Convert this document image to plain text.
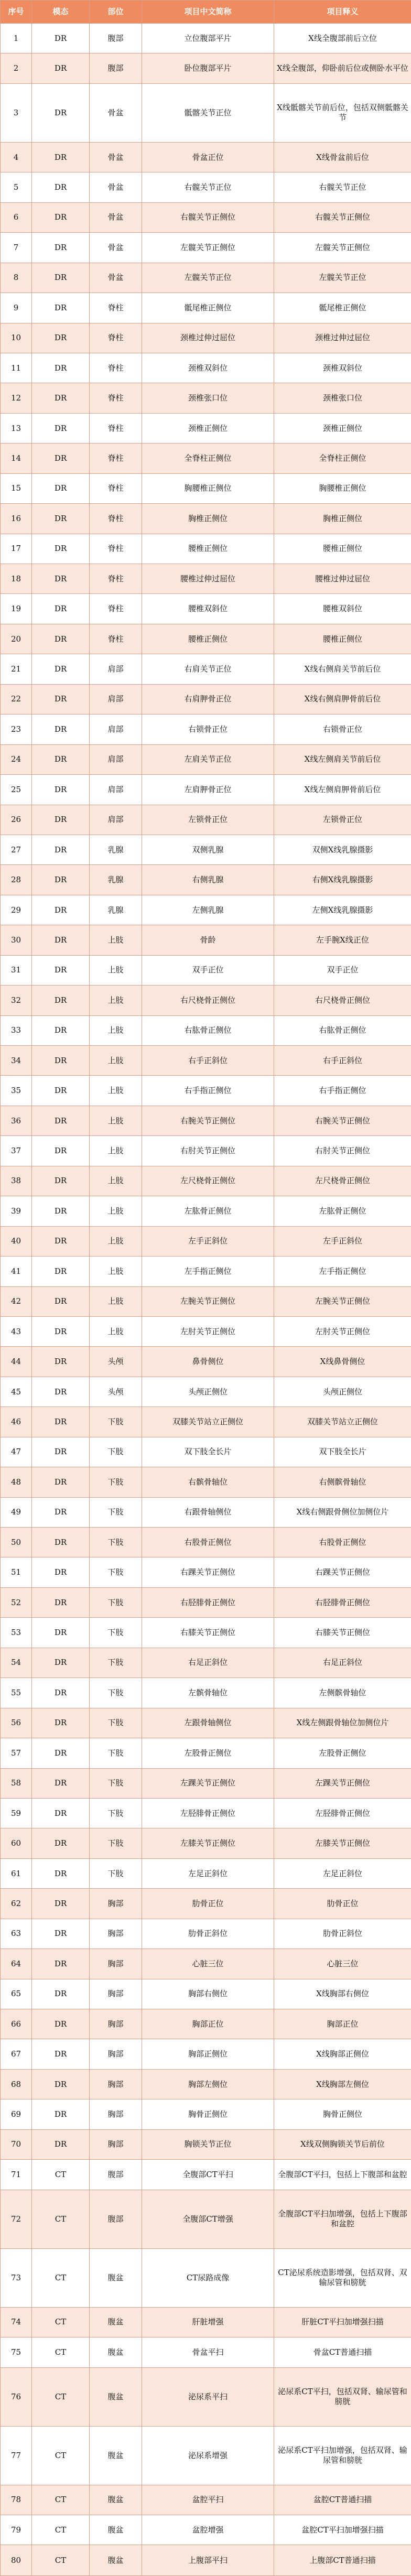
序号	模态	部位	项目中文简称	项目释义
1	DR	腹部	立位腹部平片	X线全腹部前后立位
2	DR	腹部	卧位腹部平片	X线全腹部，仰卧前后位或侧卧水平位
3	DR	骨盆	骶髂关节正位	X线骶髂关节前后位，包括双侧骶髂关节
4	DR	骨盆	骨盆正位	X线骨盆前后位
5	DR	骨盆	右髋关节正位	右髋关节正位
6	DR	骨盆	右髋关节正侧位	右髋关节正侧位
7	DR	骨盆	左髋关节正侧位	左髋关节正侧位
8	DR	骨盆	左髋关节正位	左髋关节正位
9	DR	脊柱	骶尾椎正侧位	骶尾椎正侧位
10	DR	脊柱	颈椎过伸过屈位	颈椎过伸过屈位
11	DR	脊柱	颈椎双斜位	颈椎双斜位
12	DR	脊柱	颈椎张口位	颈椎张口位
13	DR	脊柱	颈椎正侧位	颈椎正侧位
14	DR	脊柱	全脊柱正侧位	全脊柱正侧位
15	DR	脊柱	胸腰椎正侧位	胸腰椎正侧位
16	DR	脊柱	胸椎正侧位	胸椎正侧位
17	DR	脊柱	腰椎正侧位	腰椎正侧位
18	DR	脊柱	腰椎过伸过屈位	腰椎过伸过屈位
19	DR	脊柱	腰椎双斜位	腰椎双斜位
20	DR	脊柱	腰椎正侧位	腰椎正侧位
21	DR	肩部	右肩关节正位	X线右侧肩关节前后位
22	DR	肩部	右肩胛骨正位	X线右侧肩胛骨前后位
23	DR	肩部	右锁骨正位	右锁骨正位
24	DR	肩部	左肩关节正位	X线左侧肩关节前后位
25	DR	肩部	左肩胛骨正位	X线左侧肩胛骨前后位
26	DR	肩部	左锁骨正位	左锁骨正位
27	DR	乳腺	双侧乳腺	双侧X线乳腺摄影
28	DR	乳腺	右侧乳腺	右侧X线乳腺摄影
29	DR	乳腺	左侧乳腺	左侧X线乳腺摄影
30	DR	上肢	骨龄	左手腕X线正位
31	DR	上肢	双手正位	双手正位
32	DR	上肢	右尺桡骨正侧位	右尺桡骨正侧位
33	DR	上肢	右肱骨正侧位	右肱骨正侧位
34	DR	上肢	右手正斜位	右手正斜位
35	DR	上肢	右手指正侧位	右手指正侧位
36	DR	上肢	右腕关节正侧位	右腕关节正侧位
37	DR	上肢	右肘关节正侧位	右肘关节正侧位
38	DR	上肢	左尺桡骨正侧位	左尺桡骨正侧位
39	DR	上肢	左肱骨正侧位	左肱骨正侧位
40	DR	上肢	左手正斜位	左手正斜位
41	DR	上肢	左手指正侧位	左手指正侧位
42	DR	上肢	左腕关节正侧位	左腕关节正侧位
43	DR	上肢	左肘关节正侧位	左肘关节正侧位
44	DR	头颅	鼻骨侧位	X线鼻骨侧位
45	DR	头颅	头颅正侧位	头颅正侧位
46	DR	下肢	双膝关节站立正侧位	双膝关节站立正侧位
47	DR	下肢	双下肢全长片	双下肢全长片
48	DR	下肢	右髌骨轴位	右侧髌骨轴位
49	DR	下肢	右跟骨轴侧位	X线右侧跟骨侧位加侧位片
50	DR	下肢	右股骨正侧位	右股骨正侧位
51	DR	下肢	右踝关节正侧位	右踝关节正侧位
52	DR	下肢	右胫腓骨正侧位	右胫腓骨正侧位
53	DR	下肢	右膝关节正侧位	右膝关节正侧位
54	DR	下肢	右足正斜位	右足正斜位
55	DR	下肢	左髌骨轴位	左侧髌骨轴位
56	DR	下肢	左跟骨轴侧位	X线左侧跟骨轴位加侧位片
57	DR	下肢	左股骨正侧位	左股骨正侧位
58	DR	下肢	左踝关节正侧位	左踝关节正侧位
59	DR	下肢	左胫腓骨正侧位	左胫腓骨正侧位
60	DR	下肢	左膝关节正侧位	左膝关节正侧位
61	DR	下肢	左足正斜位	左足正斜位
62	DR	胸部	肋骨正位	肋骨正位
63	DR	胸部	肋骨正斜位	肋骨正斜位
64	DR	胸部	心脏三位	心脏三位
65	DR	胸部	胸部右侧位	X线胸部右侧位
66	DR	胸部	胸部正位	胸部正位
67	DR	胸部	胸部正侧位	X线胸部正侧位
68	DR	胸部	胸部左侧位	X线胸部左侧位
69	DR	胸部	胸骨正侧位	胸骨正侧位
70	DR	胸部	胸锁关节正位	X线双侧胸锁关节后前位
71	CT	腹部	全腹部CT平扫	全腹部CT平扫，包括上下腹部和盆腔
72	CT	腹部	全腹部CT增强	全腹部CT平扫加增强，包括上下腹部和盆腔
73	CT	腹盆	CT尿路成像	CT泌尿系统造影增强，包括双肾、双输尿管和膀胱
74	CT	腹盆	肝脏增强	肝脏CT平扫加增强扫描
75	CT	腹盆	骨盆平扫	骨盆CT普通扫描
76	CT	腹盆	泌尿系平扫	泌尿系CT平扫，包括双肾、输尿管和膀胱
77	CT	腹盆	泌尿系增强	泌尿系CT平扫加增强，包括双肾、输尿管和膀胱
78	CT	腹盆	盆腔平扫	盆腔CT普通扫描
79	CT	腹盆	盆腔增强	盆腔CT平扫加增强扫描
80	CT	腹盆	上腹部平扫	上腹部CT普通扫描
